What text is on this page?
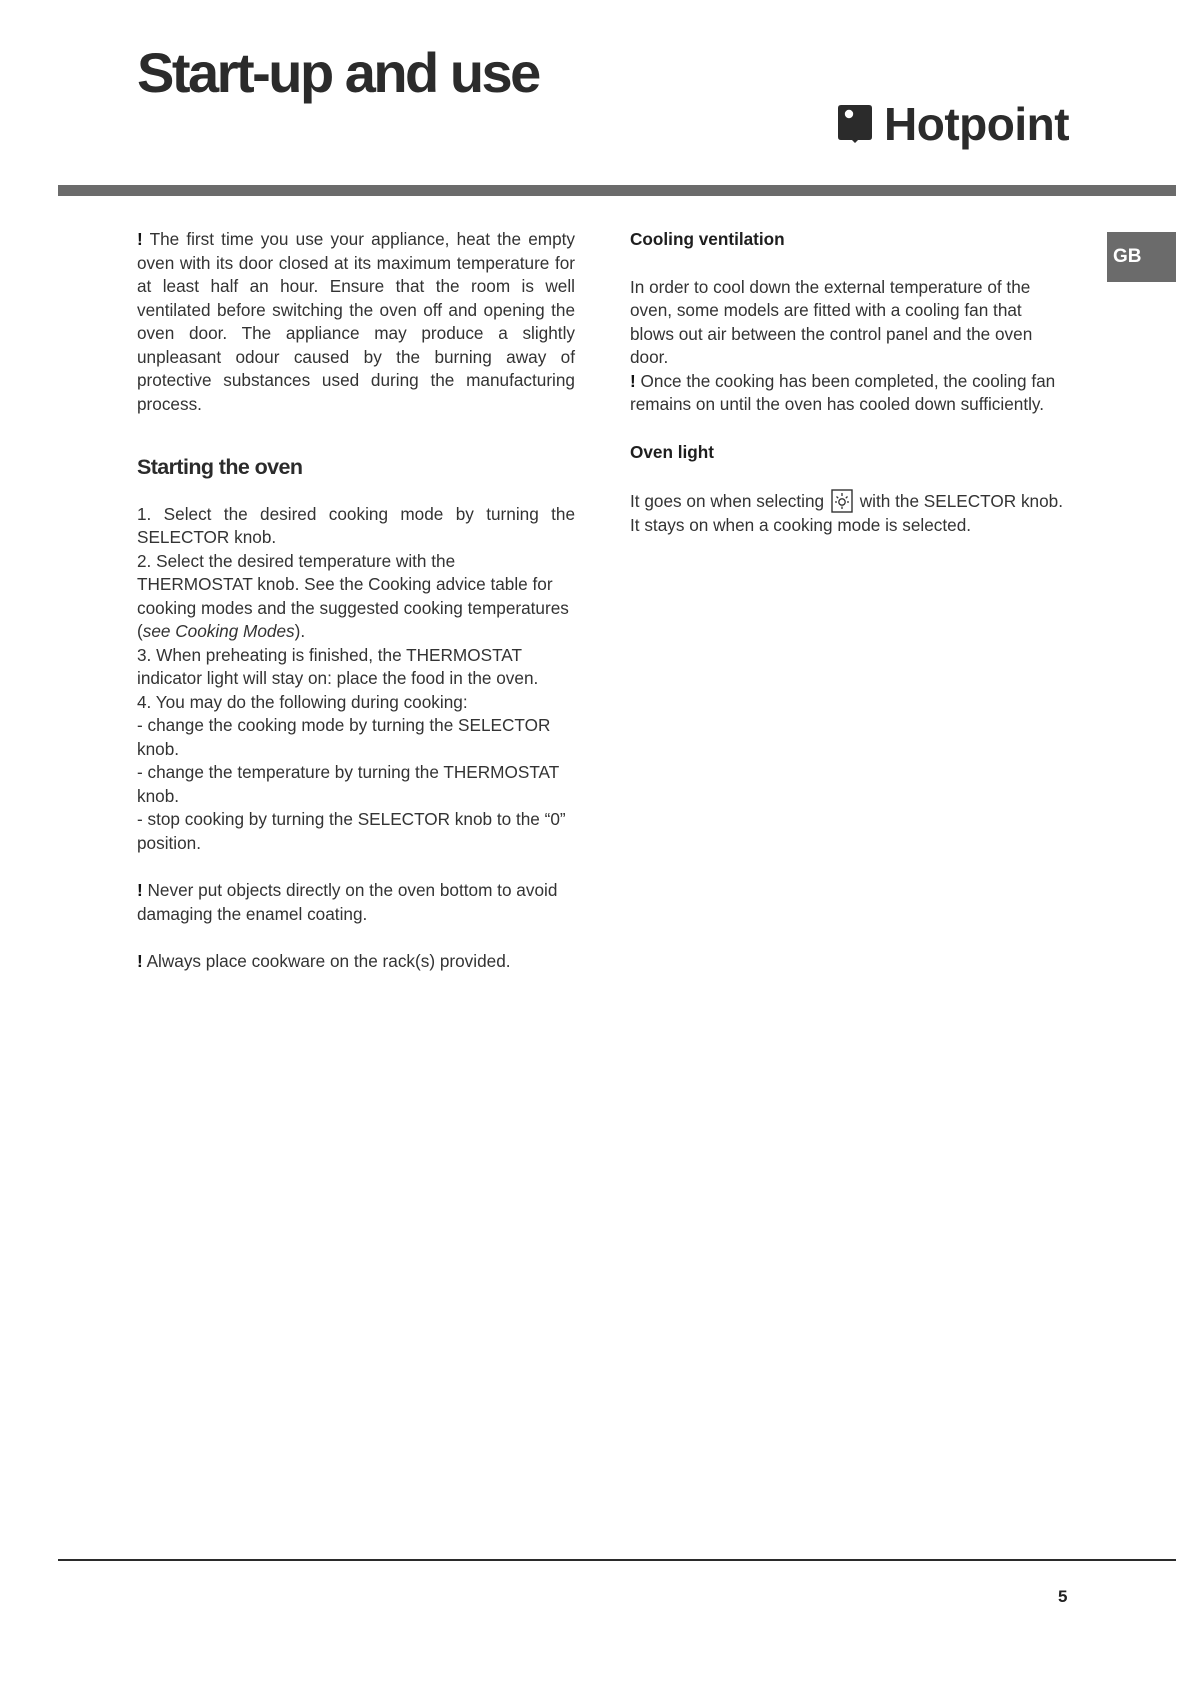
Start-up and use
Hotpoint
GB

! The first time you use your appliance, heat the empty oven with its door closed at its maximum temperature for at least half an hour. Ensure that the room is well ventilated before switching the oven off and opening the oven door. The appliance may produce a slightly unpleasant odour caused by the burning away of protective substances used during the manufacturing process.

Starting the oven

1. Select the desired cooking mode by turning the SELECTOR knob.

2. Select the desired temperature with the THERMOSTAT knob. See the Cooking advice table for cooking modes and the suggested cooking temperatures (see Cooking Modes).

3. When preheating is finished, the THERMOSTAT indicator light will stay on: place the food in the oven.

4. You may do the following during cooking:

- change the cooking mode by turning the SELECTOR knob.

- change the temperature by turning the THERMOSTAT knob.

- stop cooking by turning the SELECTOR knob to the “0” position.

! Never put objects directly on the oven bottom to avoid damaging the enamel coating.

! Always place cookware on the rack(s) provided.

Cooling ventilation

In order to cool down the external temperature of the oven, some models are fitted with a cooling fan that blows out air between the control panel and the oven door.

! Once the cooking has been completed, the cooling fan remains on until the oven has cooled down sufficiently.

Oven light

It goes on when selecting with the SELECTOR knob. It stays on when a cooking mode is selected.

5
